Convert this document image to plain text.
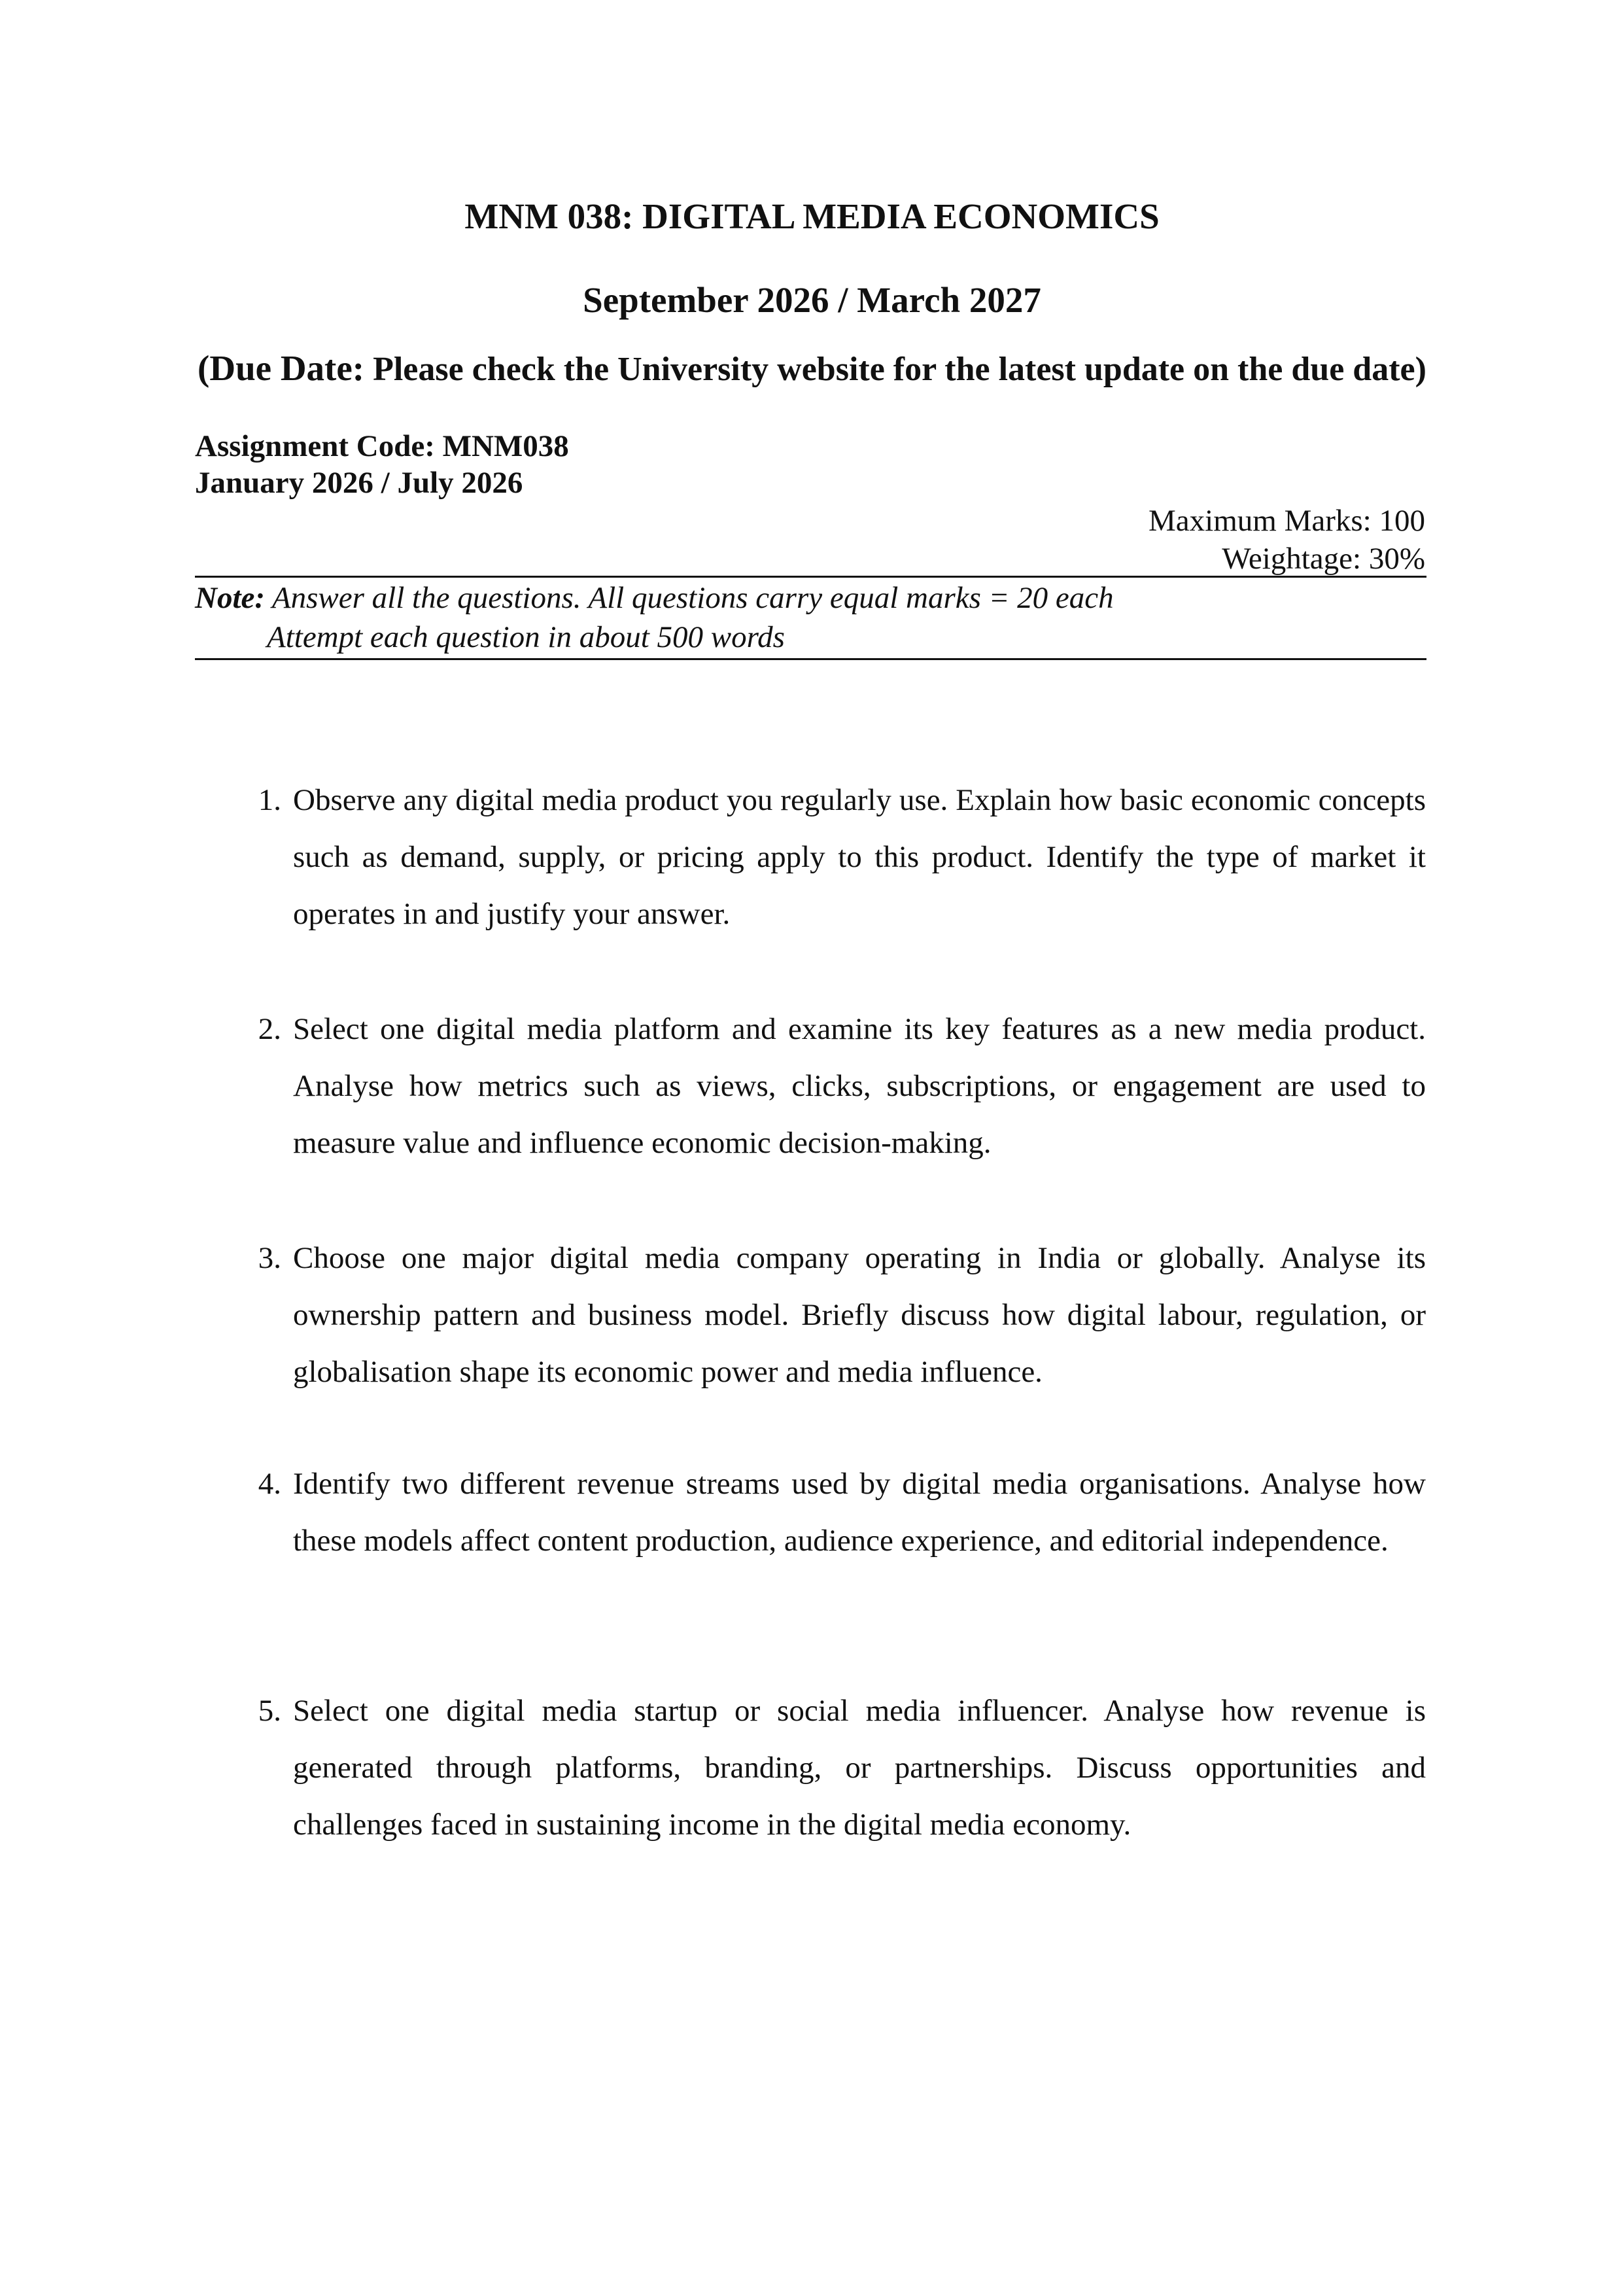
MNM 038: DIGITAL MEDIA ECONOMICS
September 2026 / March 2027
(Due Date: Please check the University website for the latest update on the due date)
Assignment Code: MNM038
January 2026 / July 2026
Maximum Marks: 100
Weightage: 30%
Note: Answer all the questions. All questions carry equal marks = 20 each
Attempt each question in about 500 words
1. Observe any digital media product you regularly use. Explain how basic economic concepts such as demand, supply, or pricing apply to this product. Identify the type of market it operates in and justify your answer.
2. Select one digital media platform and examine its key features as a new media product. Analyse how metrics such as views, clicks, subscriptions, or engagement are used to measure value and influence economic decision-making.
3. Choose one major digital media company operating in India or globally. Analyse its ownership pattern and business model. Briefly discuss how digital labour, regulation, or globalisation shape its economic power and media influence.
4. Identify two different revenue streams used by digital media organisations. Analyse how these models affect content production, audience experience, and editorial independence.
5. Select one digital media startup or social media influencer. Analyse how revenue is generated through platforms, branding, or partnerships. Discuss opportunities and challenges faced in sustaining income in the digital media economy.
